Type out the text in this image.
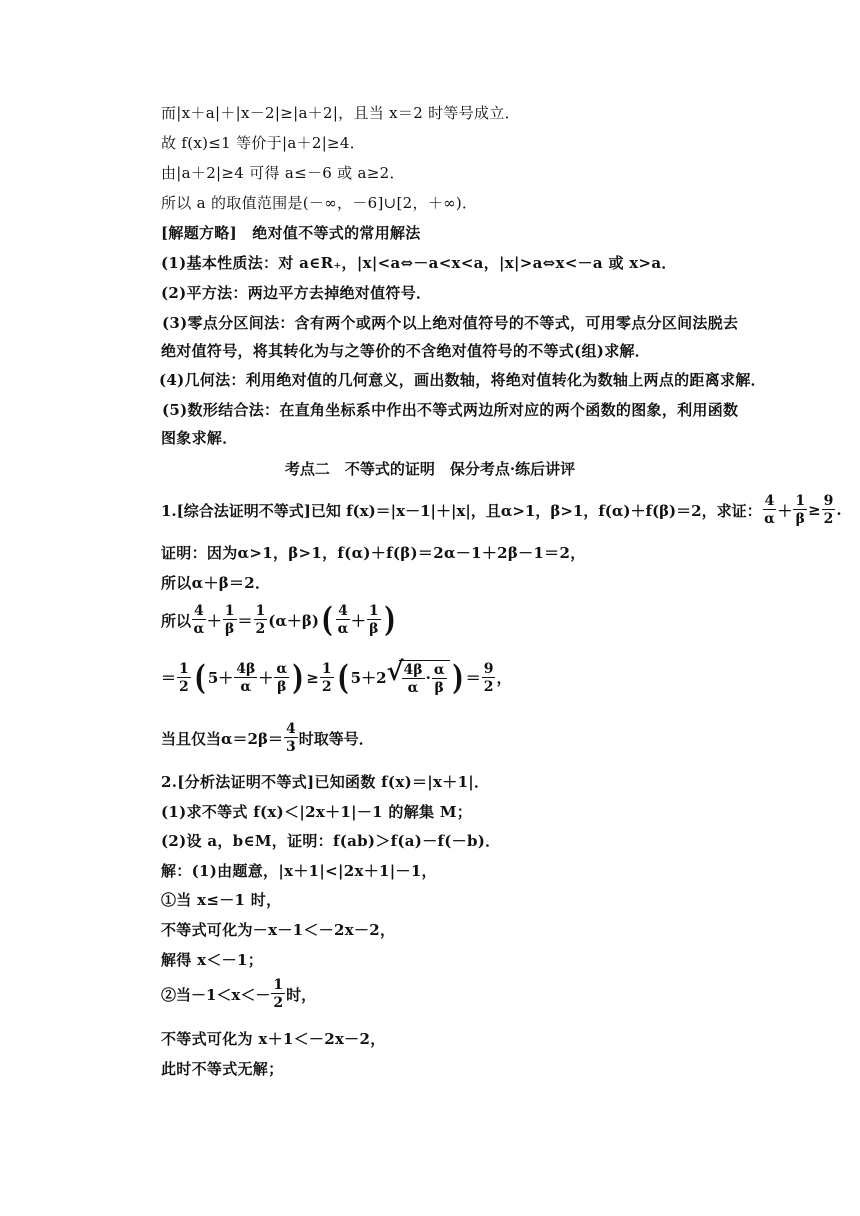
而|x＋a|＋|x－2|≥|a＋2|，且当 x＝2 时等号成立．
故 f(x)≤1 等价于|a＋2|≥4．
由|a＋2|≥4 可得 a≤－6 或 a≥2．
所以 a 的取值范围是(－∞，－6]∪[2，＋∞)．
[解题方略]　绝对值不等式的常用解法
(1)基本性质法：对 a∈R₊，|x|<a⇔－a<x<a，|x|>a⇔x<－a 或 x>a．
(2)平方法：两边平方去掉绝对值符号．
(3)零点分区间法：含有两个或两个以上绝对值符号的不等式，可用零点分区间法脱去
绝对值符号，将其转化为与之等价的不含绝对值符号的不等式(组)求解．
(4)几何法：利用绝对值的几何意义，画出数轴，将绝对值转化为数轴上两点的距离求解．
(5)数形结合法：在直角坐标系中作出不等式两边所对应的两个函数的图象，利用函数
图象求解．
考点二　不等式的证明　保分考点·练后讲评
1.[综合法证明不等式]已知 f(x)＝|x－1|＋|x|，且α>1，β>1，f(α)＋f(β)＝2，求证： $\frac{4}{\alpha} + \frac{1}{\beta} \ge \frac{9}{2}$ .
证明：因为α>1，β>1，f(α)＋f(β)＝2α－1＋2β－1＝2，
所以α＋β＝2．
所以 $\frac{4}{\alpha} + \frac{1}{\beta} = \frac{1}{2} (\alpha+\beta)$ ( $\frac{4}{\alpha} + \frac{1}{\beta}$ )
＝ $\frac{1}{2}$ ( $5+ \frac{4\beta}{\alpha} + \frac{\alpha}{\beta}$ ) ≥ $\frac{1}{2}$ ( 5＋2
√ $\frac{4\beta}{\alpha} \cdot \frac{\alpha}{\beta}$ ) ＝ $\frac{9}{2}$ ，
当且仅当$\alpha=2\beta= \frac{4}{3}$ 时取等号．
2.[分析法证明不等式]已知函数 f(x)＝|x＋1|．
(1)求不等式 f(x)＜|2x＋1|－1 的解集 M；
(2)设 a，b∈M，证明：f(ab)＞f(a)－f(－b)．
解：(1)由题意，|x＋1|<|2x＋1|－1，
①当 x≤－1 时，
不等式可化为－x－1＜－2x－2，
解得 x＜－1；
②当$-1<x<- \frac{1}{2}$ 时，
不等式可化为 x＋1＜－2x－2，
此时不等式无解；
